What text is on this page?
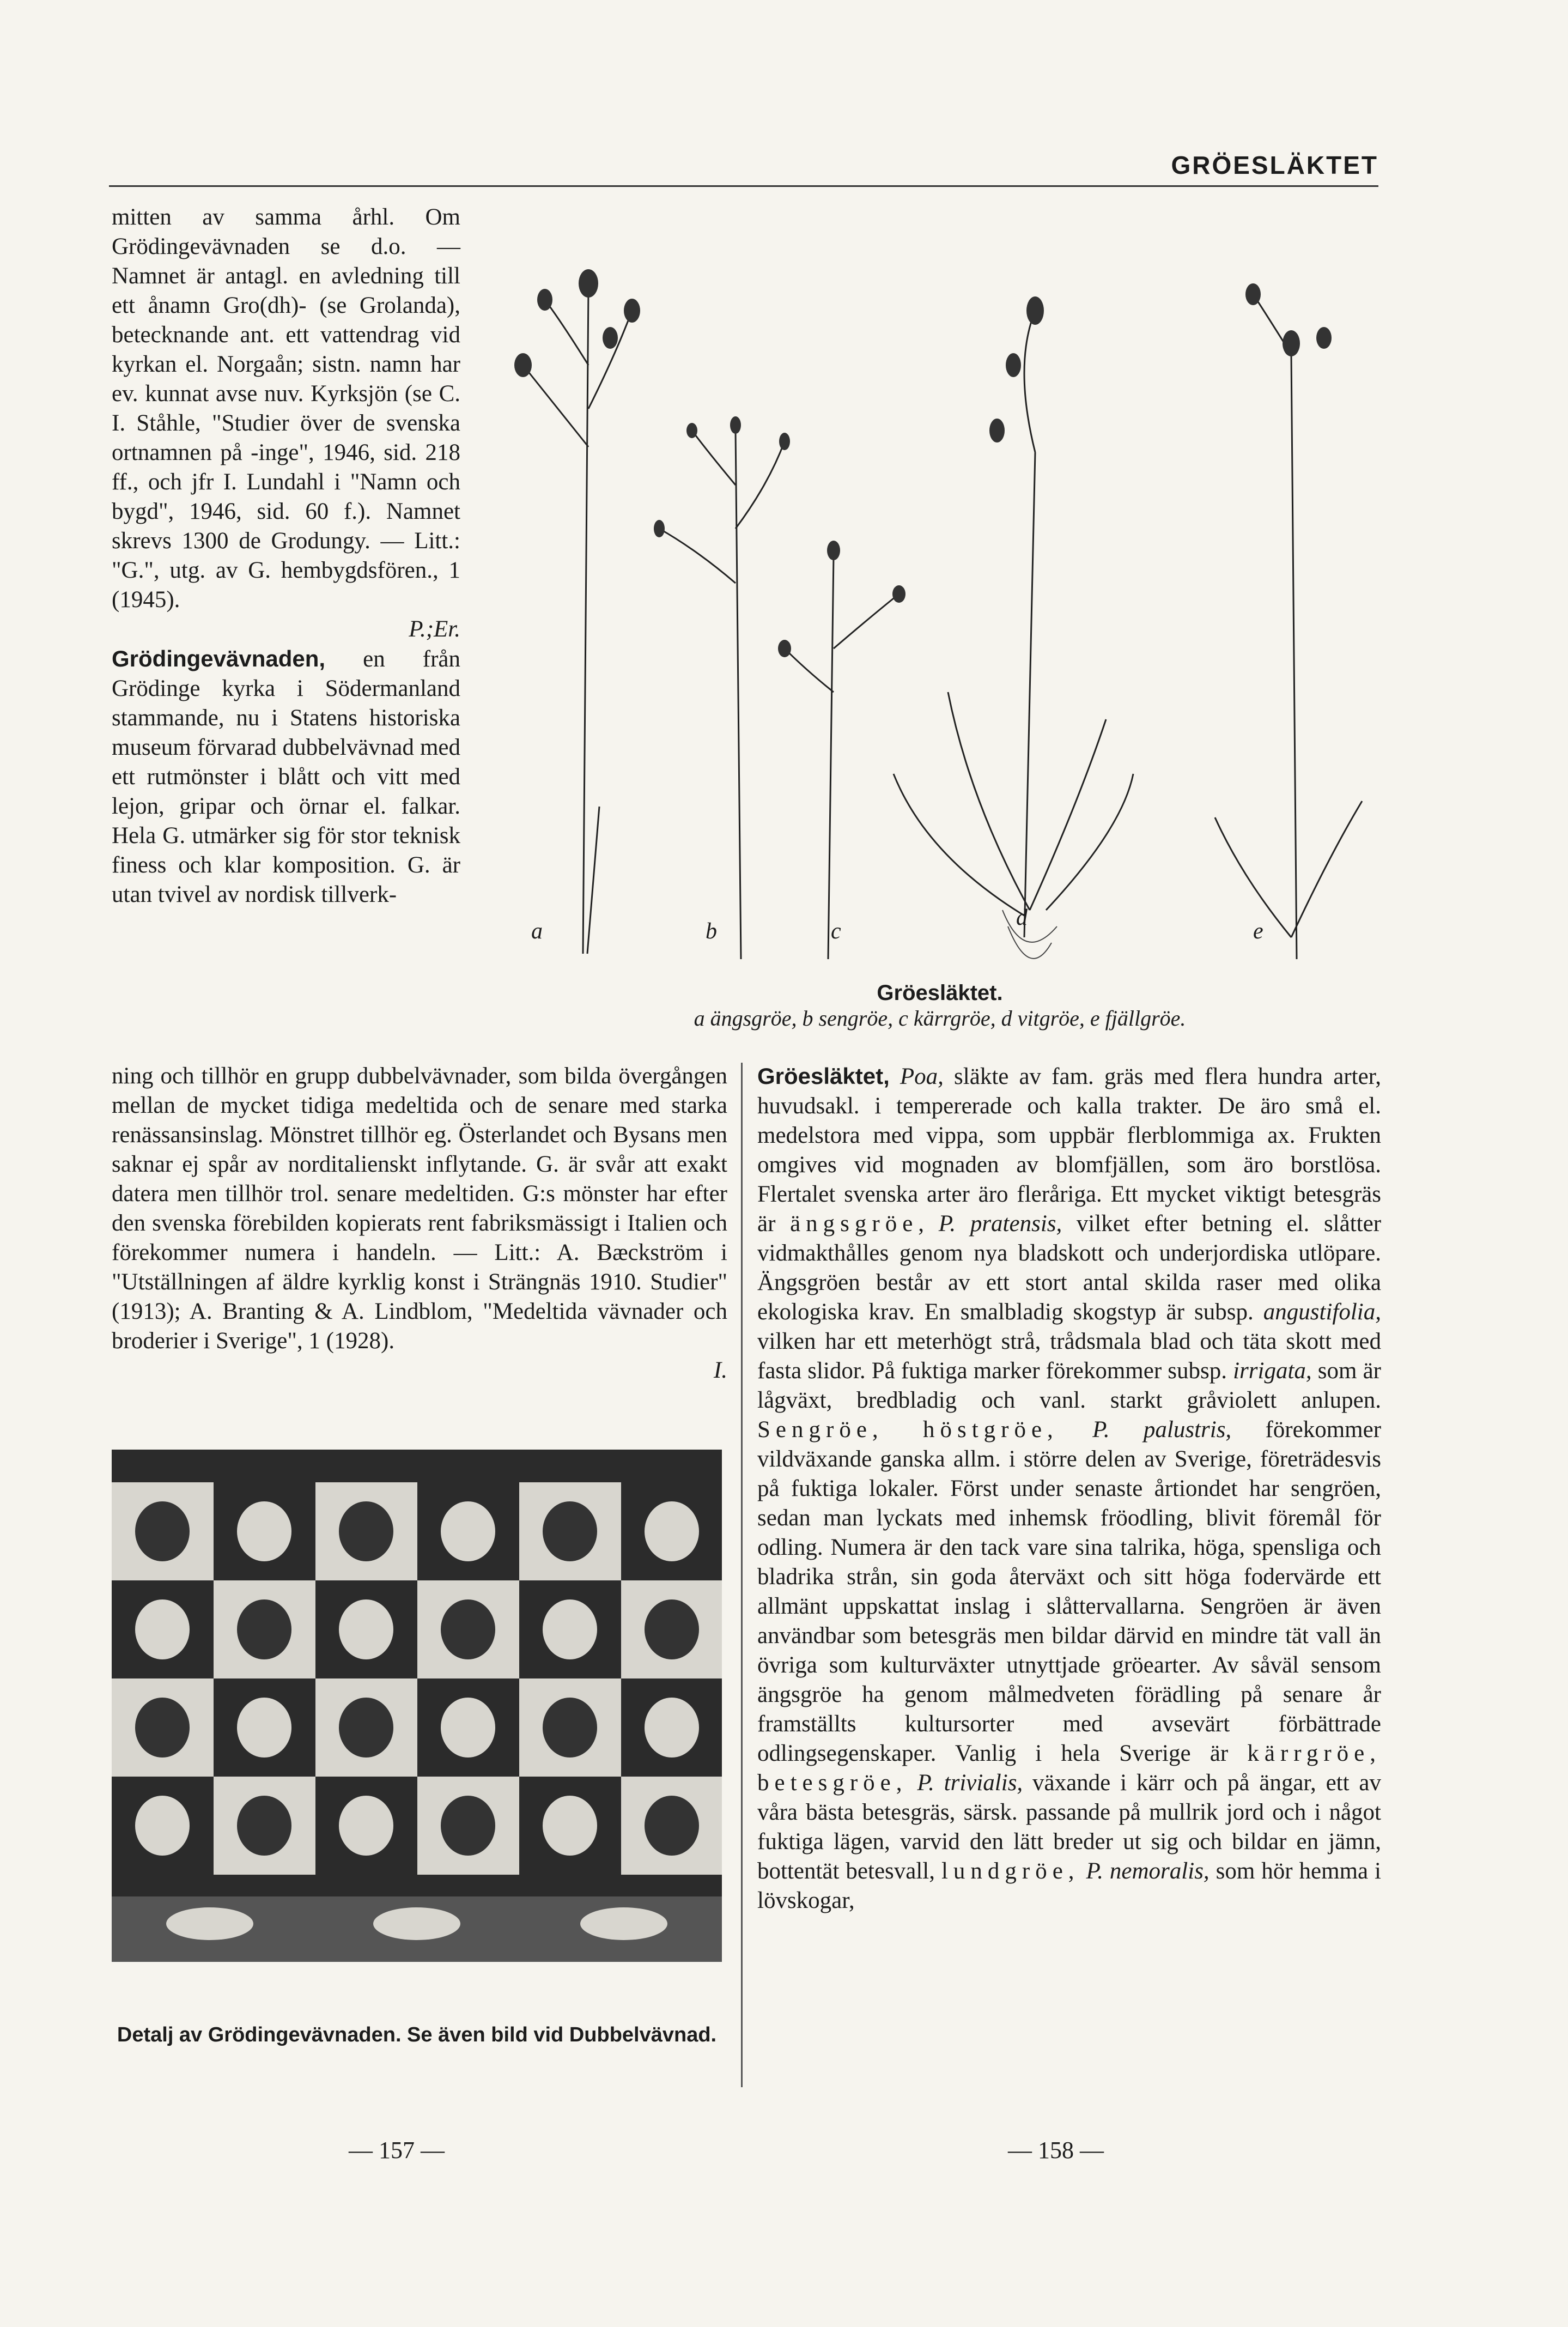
GRÖESLÄKTET

mitten av samma århl. Om Grödingevävnaden se d.o. — Namnet är antagl. en avledning till ett ånamn Gro(dh)- (se Grolanda), betecknande ant. ett vattendrag vid kyrkan el. Norgaån; sistn. namn har ev. kunnat avse nuv. Kyrksjön (se C. I. Ståhle, "Studier över de svenska ortnamnen på -inge", 1946, sid. 218 ff., och jfr I. Lundahl i "Namn och bygd", 1946, sid. 60 f.). Namnet skrevs 1300 de Grodungy. — Litt.: "G.", utg. av G. hembygdsfören., 1 (1945).

P.;Er.

Grödingevävnaden, en från Grödinge kyrka i Södermanland stammande, nu i Statens historiska museum förvarad dubbelvävnad med ett rutmönster i blått och vitt med lejon, gripar och örnar el. falkar. Hela G. utmärker sig för stor teknisk finess och klar komposition. G. är utan tvivel av nordisk tillverk-

a	b	c
d
e
Gröesläktet.
a ängsgröe, b sengröe, c kärrgröe, d vitgröe, e fjällgröe.

ning och tillhör en grupp dubbelvävnader, som bilda övergången mellan de mycket tidiga medeltida och de senare med starka renässansinslag. Mönstret tillhör eg. Österlandet och Bysans men saknar ej spår av norditalienskt inflytande. G. är svår att exakt datera men tillhör trol. senare medeltiden. G:s mönster har efter den svenska förebilden kopierats rent fabriksmässigt i Italien och förekommer numera i handeln. — Litt.: A. Bæckström i "Utställningen af äldre kyrklig konst i Strängnäs 1910. Studier" (1913); A. Branting & A. Lindblom, "Medeltida vävnader och broderier i Sverige", 1 (1928).

I.
Detalj av Grödingevävnaden. Se även bild vid Dubbelvävnad.

Gröesläktet, Poa, släkte av fam. gräs med flera hundra arter, huvudsakl. i tempererade och kalla trakter. De äro små el. medelstora med vippa, som uppbär flerblommiga ax. Frukten omgives vid mognaden av blomfjällen, som äro borstlösa. Flertalet svenska arter äro fleråriga. Ett mycket viktigt betesgräs är ängsgröe, P. pratensis, vilket efter betning el. slåtter vidmakthålles genom nya bladskott och underjordiska utlöpare. Ängsgröen består av ett stort antal skilda raser med olika ekologiska krav. En smalbladig skogstyp är subsp. angustifolia, vilken har ett meterhögt strå, trådsmala blad och täta skott med fasta slidor. På fuktiga marker förekommer subsp. irrigata, som är lågväxt, bredbladig och vanl. starkt gråviolett anlupen. Sengröe, höstgröe, P. palustris, förekommer vildväxande ganska allm. i större delen av Sverige, företrädesvis på fuktiga lokaler. Först under senaste årtiondet har sengröen, sedan man lyckats med inhemsk fröodling, blivit föremål för odling. Numera är den tack vare sina talrika, höga, spensliga och bladrika strån, sin goda återväxt och sitt höga fodervärde ett allmänt uppskattat inslag i slåttervallarna. Sengröen är även användbar som betesgräs men bildar därvid en mindre tät vall än övriga som kulturväxter utnyttjade gröearter. Av såväl sensom ängsgröe ha genom målmedveten förädling på senare år framställts kultursorter med avsevärt förbättrade odlingsegenskaper. Vanlig i hela Sverige är kärrgröe, betesgröe, P. trivialis, växande i kärr och på ängar, ett av våra bästa betesgräs, särsk. passande på mullrik jord och i något fuktiga lägen, varvid den lätt breder ut sig och bildar en jämn, bottentät betesvall, lundgröe, P. nemoralis, som hör hemma i lövskogar,

— 157 —	— 158 —
